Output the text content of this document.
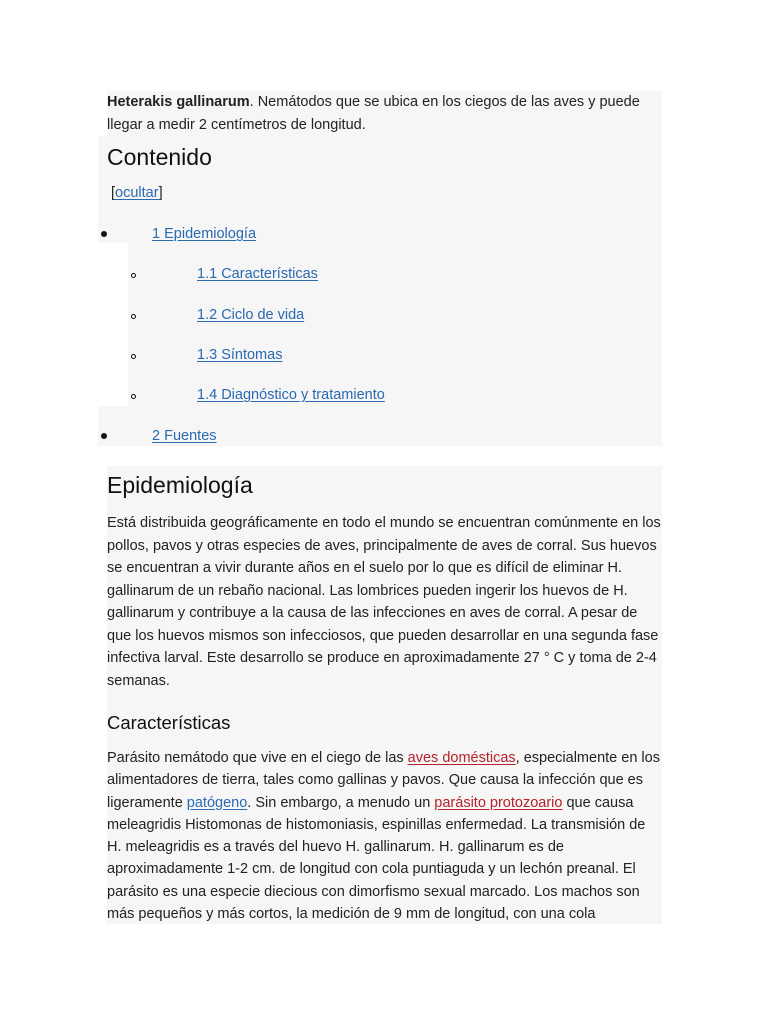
Heterakis gallinarum. Nemátodos que se ubica en los ciegos de las aves y puede llegar a medir 2 centímetros de longitud.
Contenido
[ocultar]
1 Epidemiología
1.1 Características
1.2 Ciclo de vida
1.3 Síntomas
1.4 Diagnóstico y tratamiento
2 Fuentes
Epidemiología
Está distribuida geográficamente en todo el mundo se encuentran comúnmente en los pollos, pavos y otras especies de aves, principalmente de aves de corral. Sus huevos se encuentran a vivir durante años en el suelo por lo que es difícil de eliminar H. gallinarum de un rebaño nacional. Las lombrices pueden ingerir los huevos de H. gallinarum y contribuye a la causa de las infecciones en aves de corral. A pesar de que los huevos mismos son infecciosos, que pueden desarrollar en una segunda fase infectiva larval. Este desarrollo se produce en aproximadamente 27 ° C y toma de 2-4 semanas.
Características
Parásito nemátodo que vive en el ciego de las aves domésticas, especialmente en los alimentadores de tierra, tales como gallinas y pavos. Que causa la infección que es ligeramente patógeno. Sin embargo, a menudo un parásito protozoario que causa meleagridis Histomonas de histomoniasis, espinillas enfermedad. La transmisión de H. meleagridis es a través del huevo H. gallinarum. H. gallinarum es de aproximadamente 1-2 cm. de longitud con cola puntiaguda y un lechón preanal. El parásito es una especie diecious con dimorfismo sexual marcado. Los machos son más pequeños y más cortos, la medición de 9 mm de longitud, con una cola
